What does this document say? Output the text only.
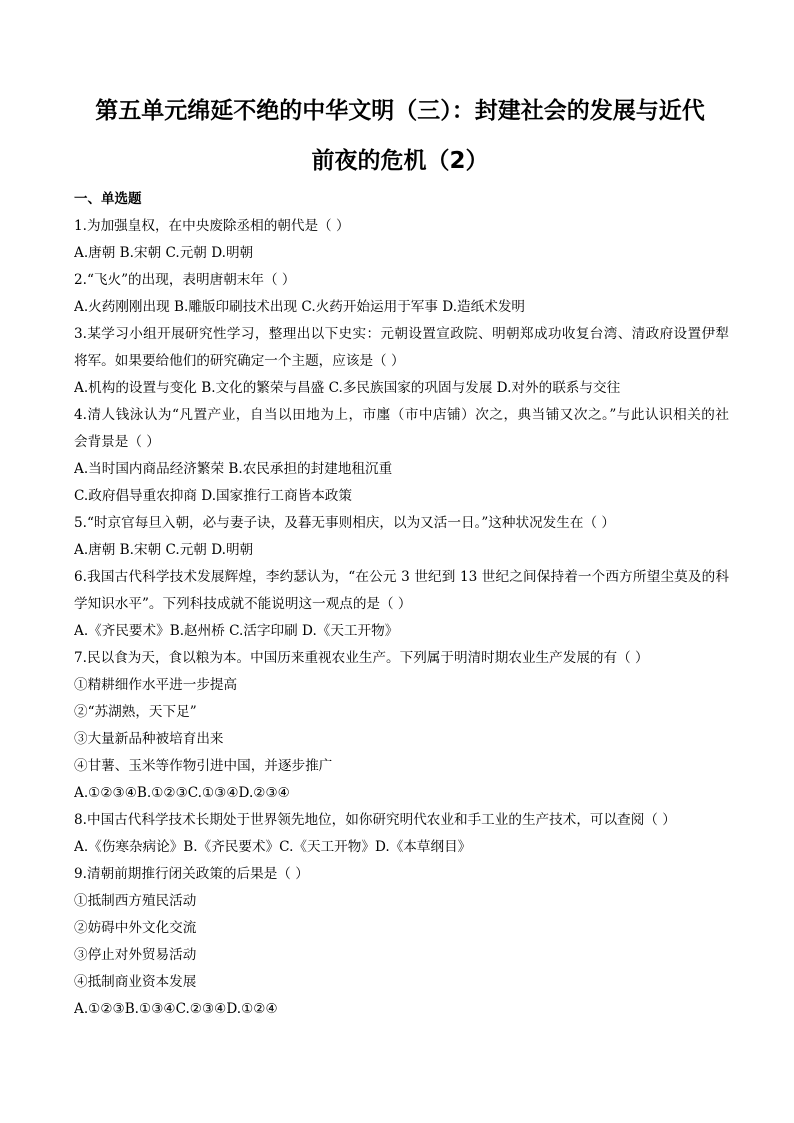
第五单元绵延不绝的中华文明（三）：封建社会的发展与近代
前夜的危机（2）
一、单选题
1.为加强皇权，在中央废除丞相的朝代是（ ）
A.唐朝 B.宋朝 C.元朝 D.明朝
2.“飞火”的出现，表明唐朝末年（ ）
A.火药刚刚出现 B.雕版印刷技术出现 C.火药开始运用于军事 D.造纸术发明
3.某学习小组开展研究性学习，整理出以下史实：元朝设置宣政院、明朝郑成功收复台湾、清政府设置伊犁
将军。如果要给他们的研究确定一个主题，应该是（ ）
A.机构的设置与变化 B.文化的繁荣与昌盛 C.多民族国家的巩固与发展 D.对外的联系与交往
4.清人钱泳认为“凡置产业，自当以田地为上，市廛（市中店铺）次之，典当铺又次之。”与此认识相关的社
会背景是（ ）
A.当时国内商品经济繁荣 B.农民承担的封建地租沉重
C.政府倡导重农抑商 D.国家推行工商皆本政策
5.“时京官每旦入朝，必与妻子诀，及暮无事则相庆，以为又活一日。”这种状况发生在（ ）
A.唐朝 B.宋朝 C.元朝 D.明朝
6.我国古代科学技术发展辉煌，李约瑟认为，“在公元 3 世纪到 13 世纪之间保持着一个西方所望尘莫及的科
学知识水平”。下列科技成就不能说明这一观点的是（ ）
A.《齐民要术》B.赵州桥 C.活字印刷 D.《天工开物》
7.民以食为天，食以粮为本。中国历来重视农业生产。下列属于明清时期农业生产发展的有（ ）
①精耕细作水平进一步提高
②“苏湖熟，天下足”
③大量新品种被培育出来
④甘薯、玉米等作物引进中国，并逐步推广
A.①②③④B.①②③C.①③④D.②③④
8.中国古代科学技术长期处于世界领先地位，如你研究明代农业和手工业的生产技术，可以查阅（ ）
A.《伤寒杂病论》B.《齐民要术》C.《天工开物》D.《本草纲目》
9.清朝前期推行闭关政策的后果是（ ）
①抵制西方殖民活动
②妨碍中外文化交流
③停止对外贸易活动
④抵制商业资本发展
A.①②③B.①③④C.②③④D.①②④
